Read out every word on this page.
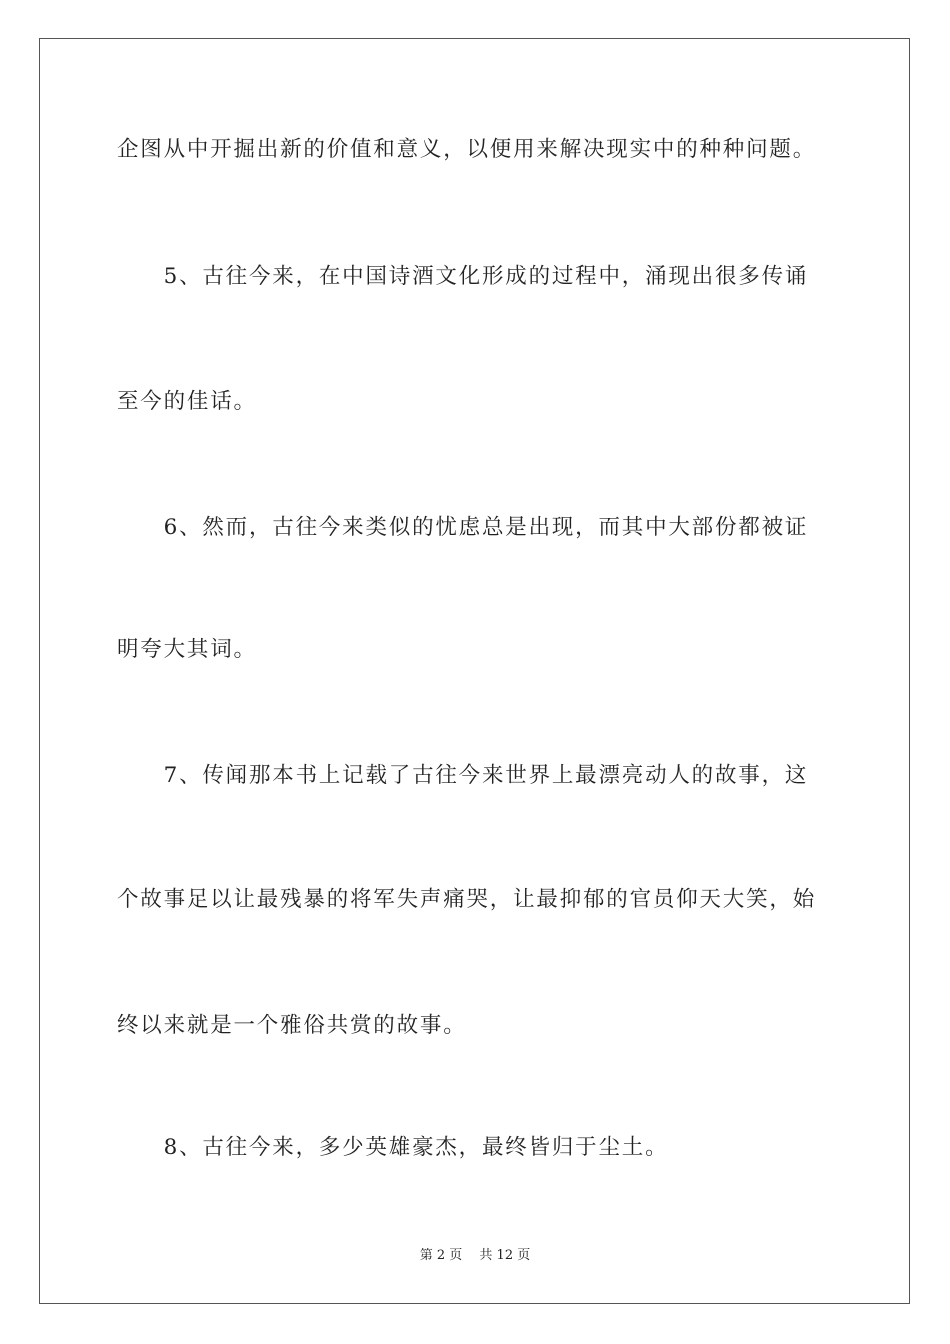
企图从中开掘出新的价值和意义，以便用来解决现实中的种种问题。
　　5、古往今来，在中国诗酒文化形成的过程中，涌现出很多传诵
至今的佳话。
　　6、然而，古往今来类似的忧虑总是出现，而其中大部份都被证
明夸大其词。
　　7、传闻那本书上记载了古往今来世界上最漂亮动人的故事，这
个故事足以让最残暴的将军失声痛哭，让最抑郁的官员仰天大笑，始
终以来就是一个雅俗共赏的故事。
　　8、古往今来，多少英雄豪杰，最终皆归于尘土。
第 2 页　 共 12 页
